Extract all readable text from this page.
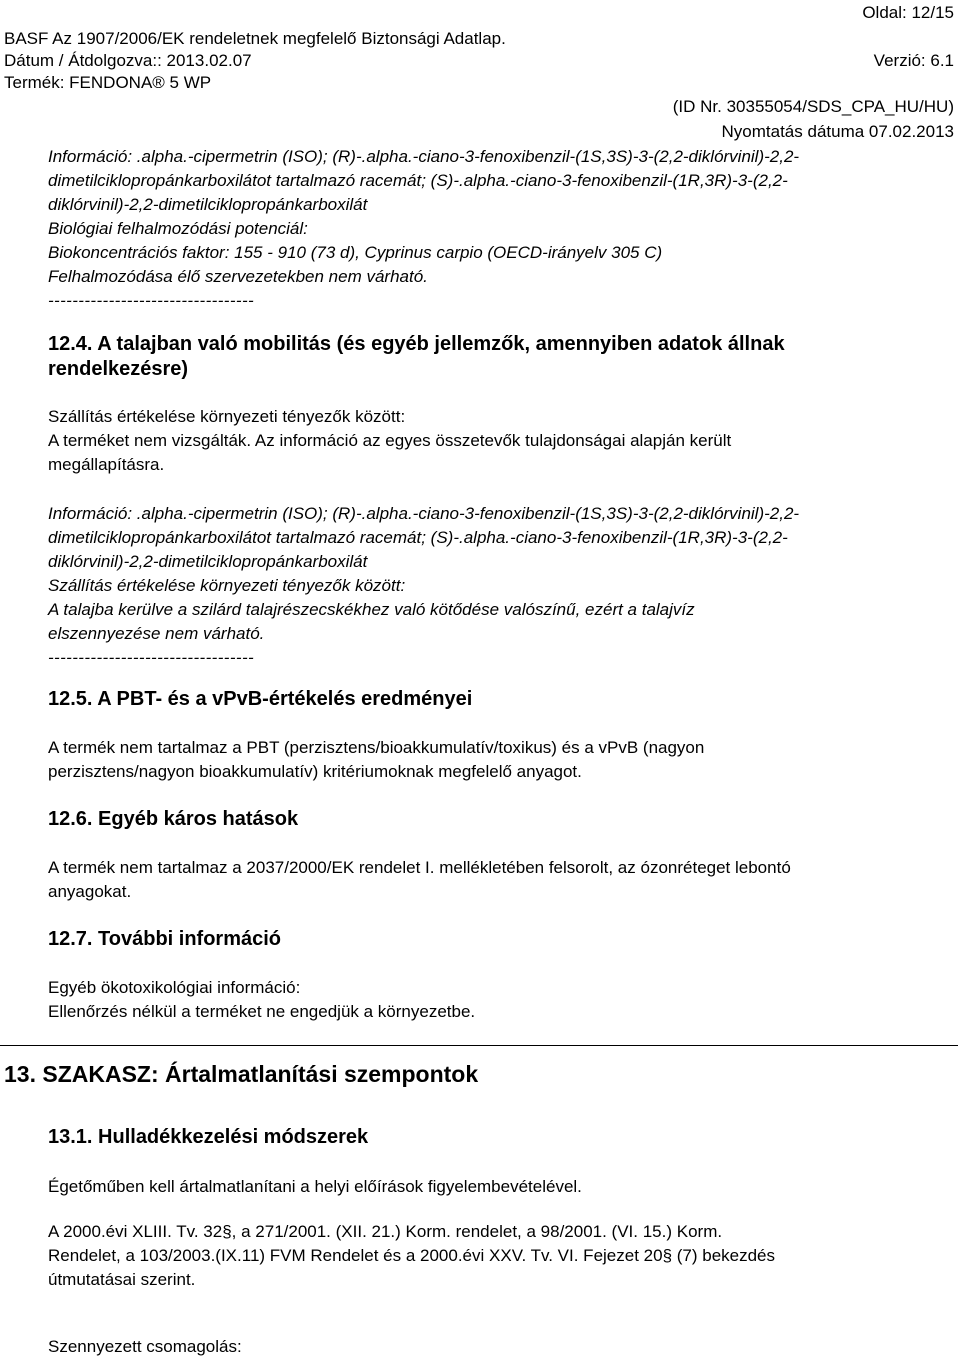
Oldal: 12/15
BASF Az 1907/2006/EK rendeletnek megfelelő Biztonsági Adatlap.
Dátum / Átdolgozva:: 2013.02.07	Verzió: 6.1
Termék: FENDONA® 5 WP
(ID Nr. 30355054/SDS_CPA_HU/HU)
Nyomtatás dátuma 07.02.2013
Információ: .alpha.-cipermetrin (ISO); (R)-.alpha.-ciano-3-fenoxibenzil-(1S,3S)-3-(2,2-diklórvinil)-2,2-
dimetilciklopropánkarboxilátot tartalmazó racemát; (S)-.alpha.-ciano-3-fenoxibenzil-(1R,3R)-3-(2,2-
diklórvinil)-2,2-dimetilciklopropánkarboxilát
Biológiai felhalmozódási potenciál:
Biokoncentrációs faktor: 155 - 910 (73 d), Cyprinus carpio (OECD-irányelv 305 C)
Felhalmozódása élő szervezetekben nem várható.
----------------------------------
12.4. A talajban való mobilitás (és egyéb jellemzők, amennyiben adatok állnak
rendelkezésre)
Szállítás értékelése környezeti tényezők között:
A terméket nem vizsgálták. Az információ az egyes összetevők tulajdonságai alapján került
megállapításra.
Információ: .alpha.-cipermetrin (ISO); (R)-.alpha.-ciano-3-fenoxibenzil-(1S,3S)-3-(2,2-diklórvinil)-2,2-
dimetilciklopropánkarboxilátot tartalmazó racemát; (S)-.alpha.-ciano-3-fenoxibenzil-(1R,3R)-3-(2,2-
diklórvinil)-2,2-dimetilciklopropánkarboxilát
Szállítás értékelése környezeti tényezők között:
A talajba kerülve a szilárd talajrészecskékhez való kötődése valószínű, ezért a talajvíz
elszennyezése nem várható.
----------------------------------
12.5. A PBT- és a vPvB-értékelés eredményei
A termék nem tartalmaz a PBT (perzisztens/bioakkumulatív/toxikus) és a vPvB (nagyon
perzisztens/nagyon bioakkumulatív) kritériumoknak megfelelő anyagot.
12.6. Egyéb káros hatások
A termék nem tartalmaz a 2037/2000/EK rendelet I. mellékletében felsorolt, az ózonréteget lebontó
anyagokat.
12.7. További információ
Egyéb ökotoxikológiai információ:
Ellenőrzés nélkül a terméket ne engedjük a környezetbe.
13. SZAKASZ: Ártalmatlanítási szempontok
13.1. Hulladékkezelési módszerek
Égetőműben kell ártalmatlanítani a helyi előírások figyelembevételével.
A 2000.évi XLIII. Tv. 32§, a 271/2001. (XII. 21.) Korm. rendelet, a 98/2001. (VI. 15.) Korm.
Rendelet, a 103/2003.(IX.11) FVM Rendelet és a 2000.évi XXV. Tv. VI. Fejezet 20§ (7) bekezdés
útmutatásai szerint.
Szennyezett csomagolás:
